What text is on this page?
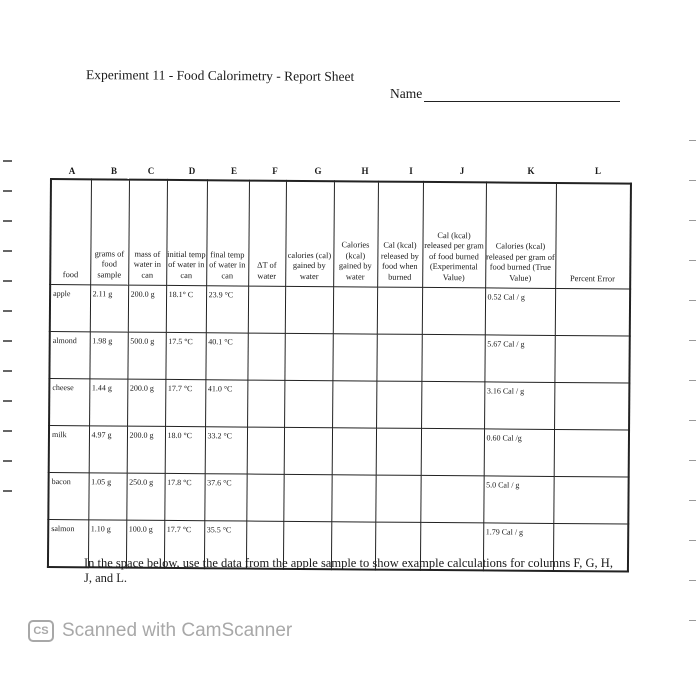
Experiment 11 - Food Calorimetry - Report Sheet
Name
A	B	C	D	E	F	G	H	I	J	K	L
food	grams of food sample	mass of water in can	initial temp of water in can	final temp of water in can	ΔT of water	calories (cal) gained by water	Calories (kcal) gained by water	Cal (kcal) released by food when burned	Cal (kcal) released per gram of food burned (Experimental Value)	Calories (kcal) released per gram of food burned (True Value)	Percent Error
apple	2.11 g	200.0 g	18.1° C	23.9 °C						0.52 Cal / g	
almond	1.98 g	500.0 g	17.5 °C	40.1 °C						5.67 Cal / g	
cheese	1.44 g	200.0 g	17.7 °C	41.0 °C						3.16 Cal / g	
milk	4.97 g	200.0 g	18.0 °C	33.2 °C						0.60 Cal /g	
bacon	1.05 g	250.0 g	17.8 °C	37.6 °C						5.0 Cal / g	
salmon	1.10 g	100.0 g	17.7 °C	35.5 °C						1.79 Cal / g	
In the space below, use the data from the apple sample to show example calculations for columns F, G, H, J, and L.
CS Scanned with CamScanner
